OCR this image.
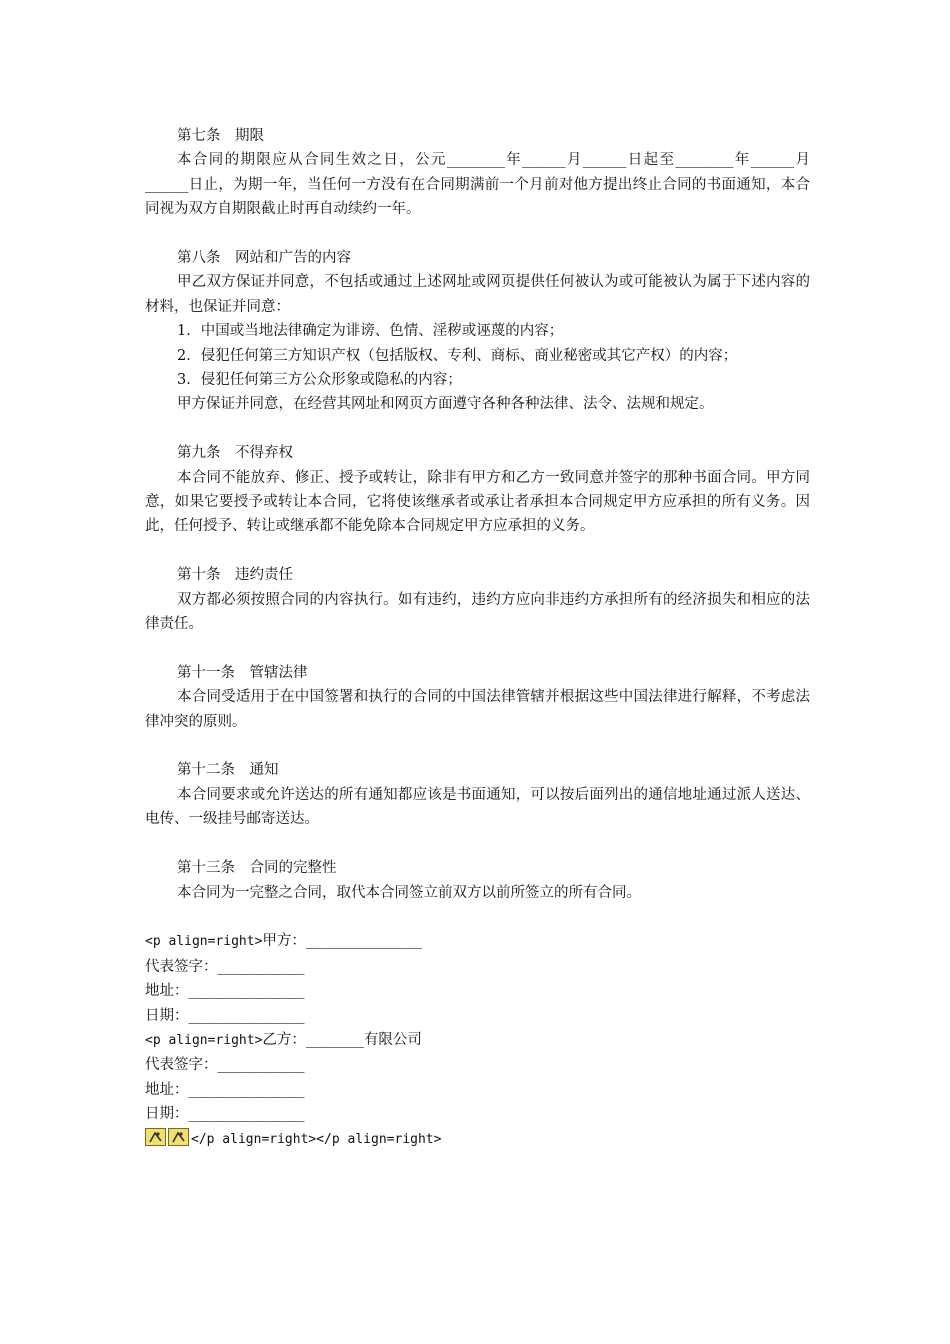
第七条　期限

本合同的期限应从合同生效之日，公元________年______月______日起至________年______月______日止，为期一年，当任何一方没有在合同期满前一个月前对他方提出终止合同的书面通知，本合同视为双方自期限截止时再自动续约一年。

第八条　网站和广告的内容

甲乙双方保证并同意，不包括或通过上述网址或网页提供任何被认为或可能被认为属于下述内容的材料，也保证并同意：

1．中国或当地法律确定为诽谤、色情、淫秽或诬蔑的内容；

2．侵犯任何第三方知识产权（包括版权、专利、商标、商业秘密或其它产权）的内容；

3．侵犯任何第三方公众形象或隐私的内容；

甲方保证并同意，在经营其网址和网页方面遵守各种各种法律、法令、法规和规定。

第九条　不得弃权

本合同不能放弃、修正、授予或转让，除非有甲方和乙方一致同意并签字的那种书面合同。甲方同意，如果它要授予或转让本合同，它将使该继承者或承让者承担本合同规定甲方应承担的所有义务。因此，任何授予、转让或继承都不能免除本合同规定甲方应承担的义务。

第十条　违约责任

双方都必须按照合同的内容执行。如有违约，违约方应向非违约方承担所有的经济损失和相应的法律责任。

第十一条　管辖法律

本合同受适用于在中国签署和执行的合同的中国法律管辖并根据这些中国法律进行解释，不考虑法律冲突的原则。

第十二条　通知

本合同要求或允许送达的所有通知都应该是书面通知，可以按后面列出的通信地址通过派人送达、电传、一级挂号邮寄送达。

第十三条　合同的完整性

本合同为一完整之合同，取代本合同签立前双方以前所签立的所有合同。

<p align=right>甲方：________________

代表签字：____________

地址：________________

日期：________________

<p align=right>乙方：________有限公司

代表签字：____________

地址：________________

日期：________________

</p align=right></p align=right>
